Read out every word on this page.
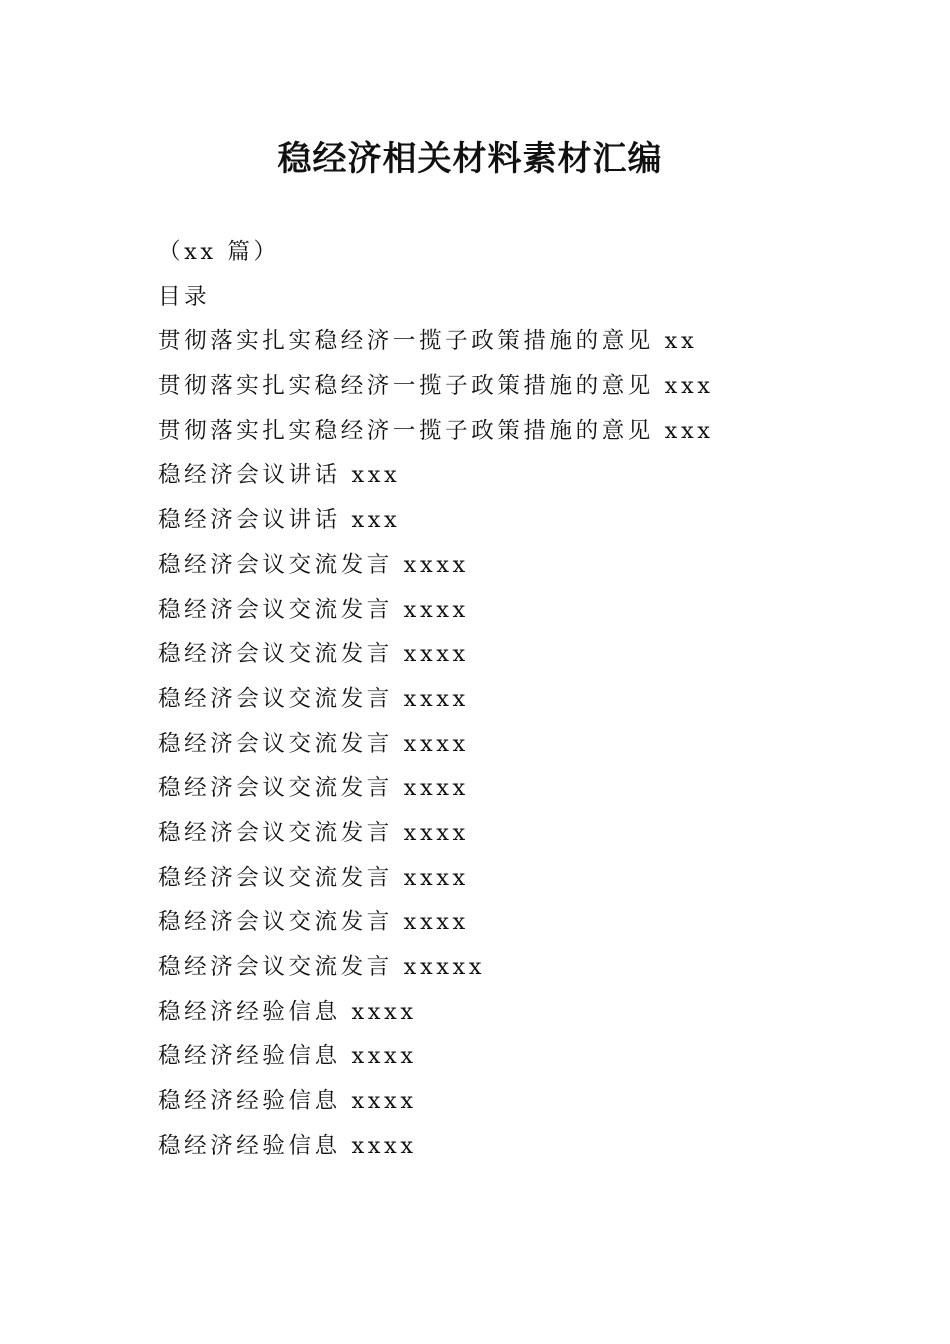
稳经济相关材料素材汇编

（xx 篇）

目录

贯彻落实扎实稳经济一揽子政策措施的意见 xx
贯彻落实扎实稳经济一揽子政策措施的意见 xxx
贯彻落实扎实稳经济一揽子政策措施的意见 xxx
稳经济会议讲话 xxx
稳经济会议讲话 xxx
稳经济会议交流发言 xxxx
稳经济会议交流发言 xxxx
稳经济会议交流发言 xxxx
稳经济会议交流发言 xxxx
稳经济会议交流发言 xxxx
稳经济会议交流发言 xxxx
稳经济会议交流发言 xxxx
稳经济会议交流发言 xxxx
稳经济会议交流发言 xxxx
稳经济会议交流发言 xxxxx
稳经济经验信息 xxxx
稳经济经验信息 xxxx
稳经济经验信息 xxxx
稳经济经验信息 xxxx
